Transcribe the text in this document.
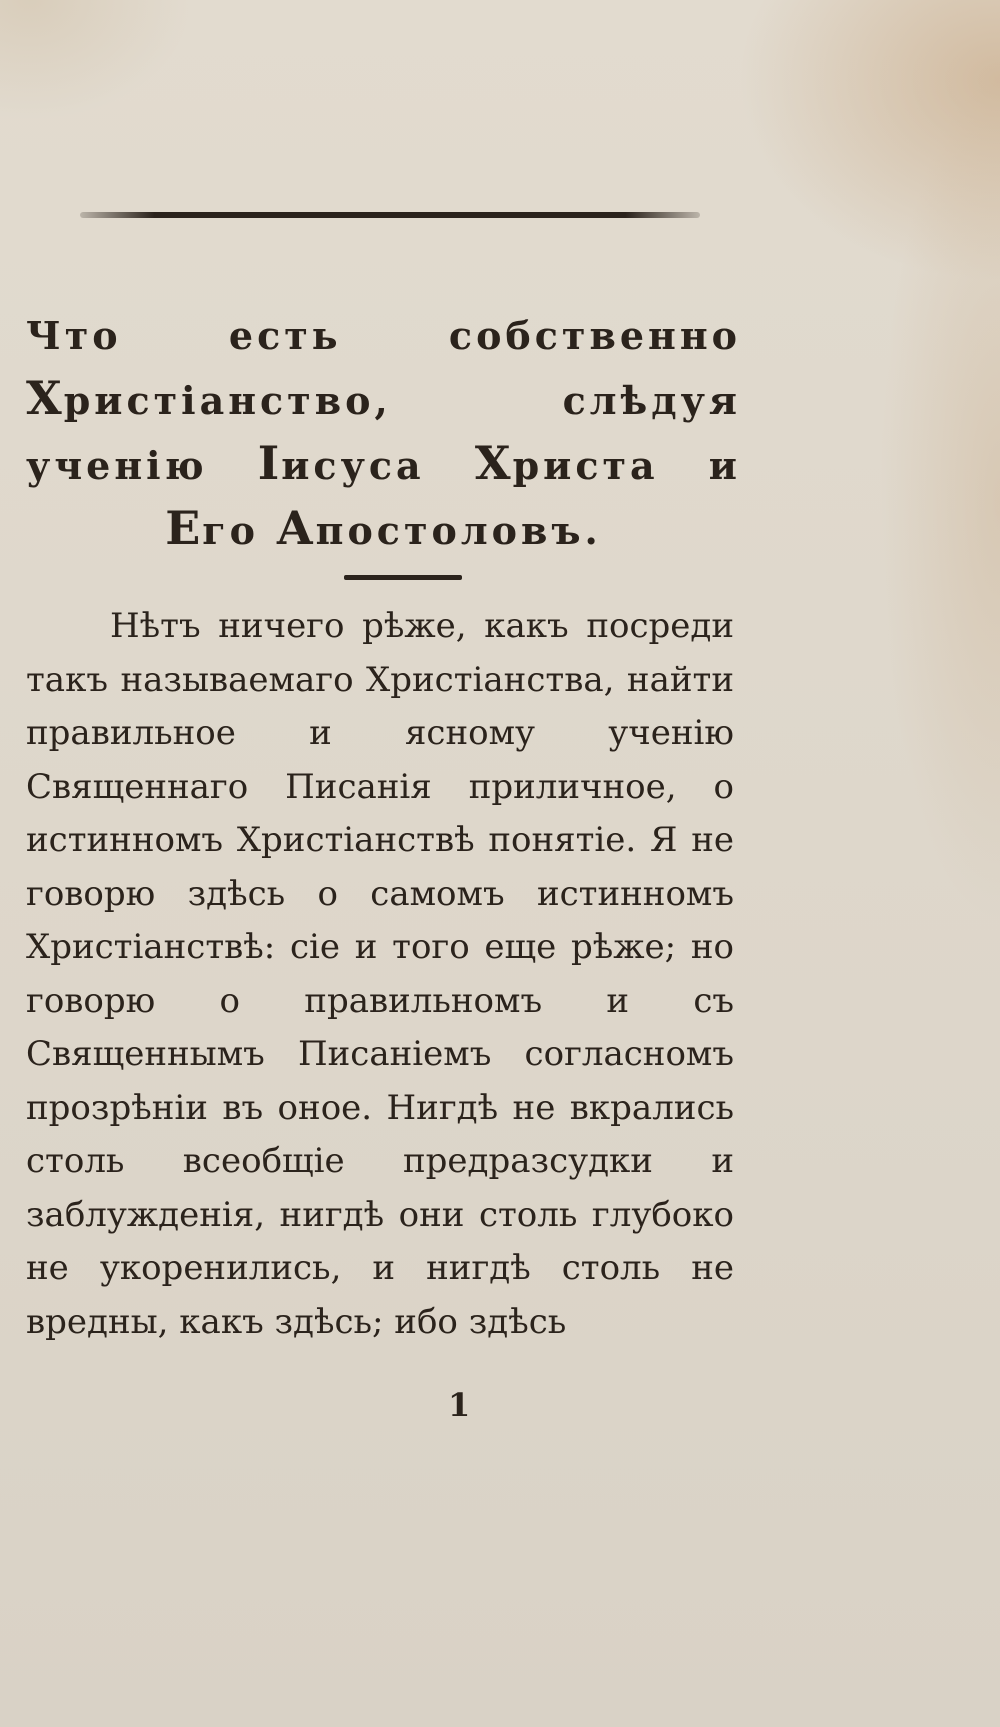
Что есть собственно Христіанство, слѣдуя ученію Іисуса Христа и Его Апостоловъ.

Нѣтъ ничего рѣже, какъ посреди такъ называемаго Христіанства, найти правильное и ясному ученію Священнаго Писанія приличное, о истинномъ Христіанствѣ понятіе. Я не говорю здѣсь о самомъ истинномъ Христіанствѣ: сіе и того еще рѣже; но говорю о правильномъ и съ Священнымъ Писаніемъ согласномъ прозрѣніи въ оное. Нигдѣ не вкрались столь всеобщіе предразсудки и заблужденія, нигдѣ они столь глубоко не укоренились, и нигдѣ столь не вредны, какъ здѣсь; ибо здѣсь

1
